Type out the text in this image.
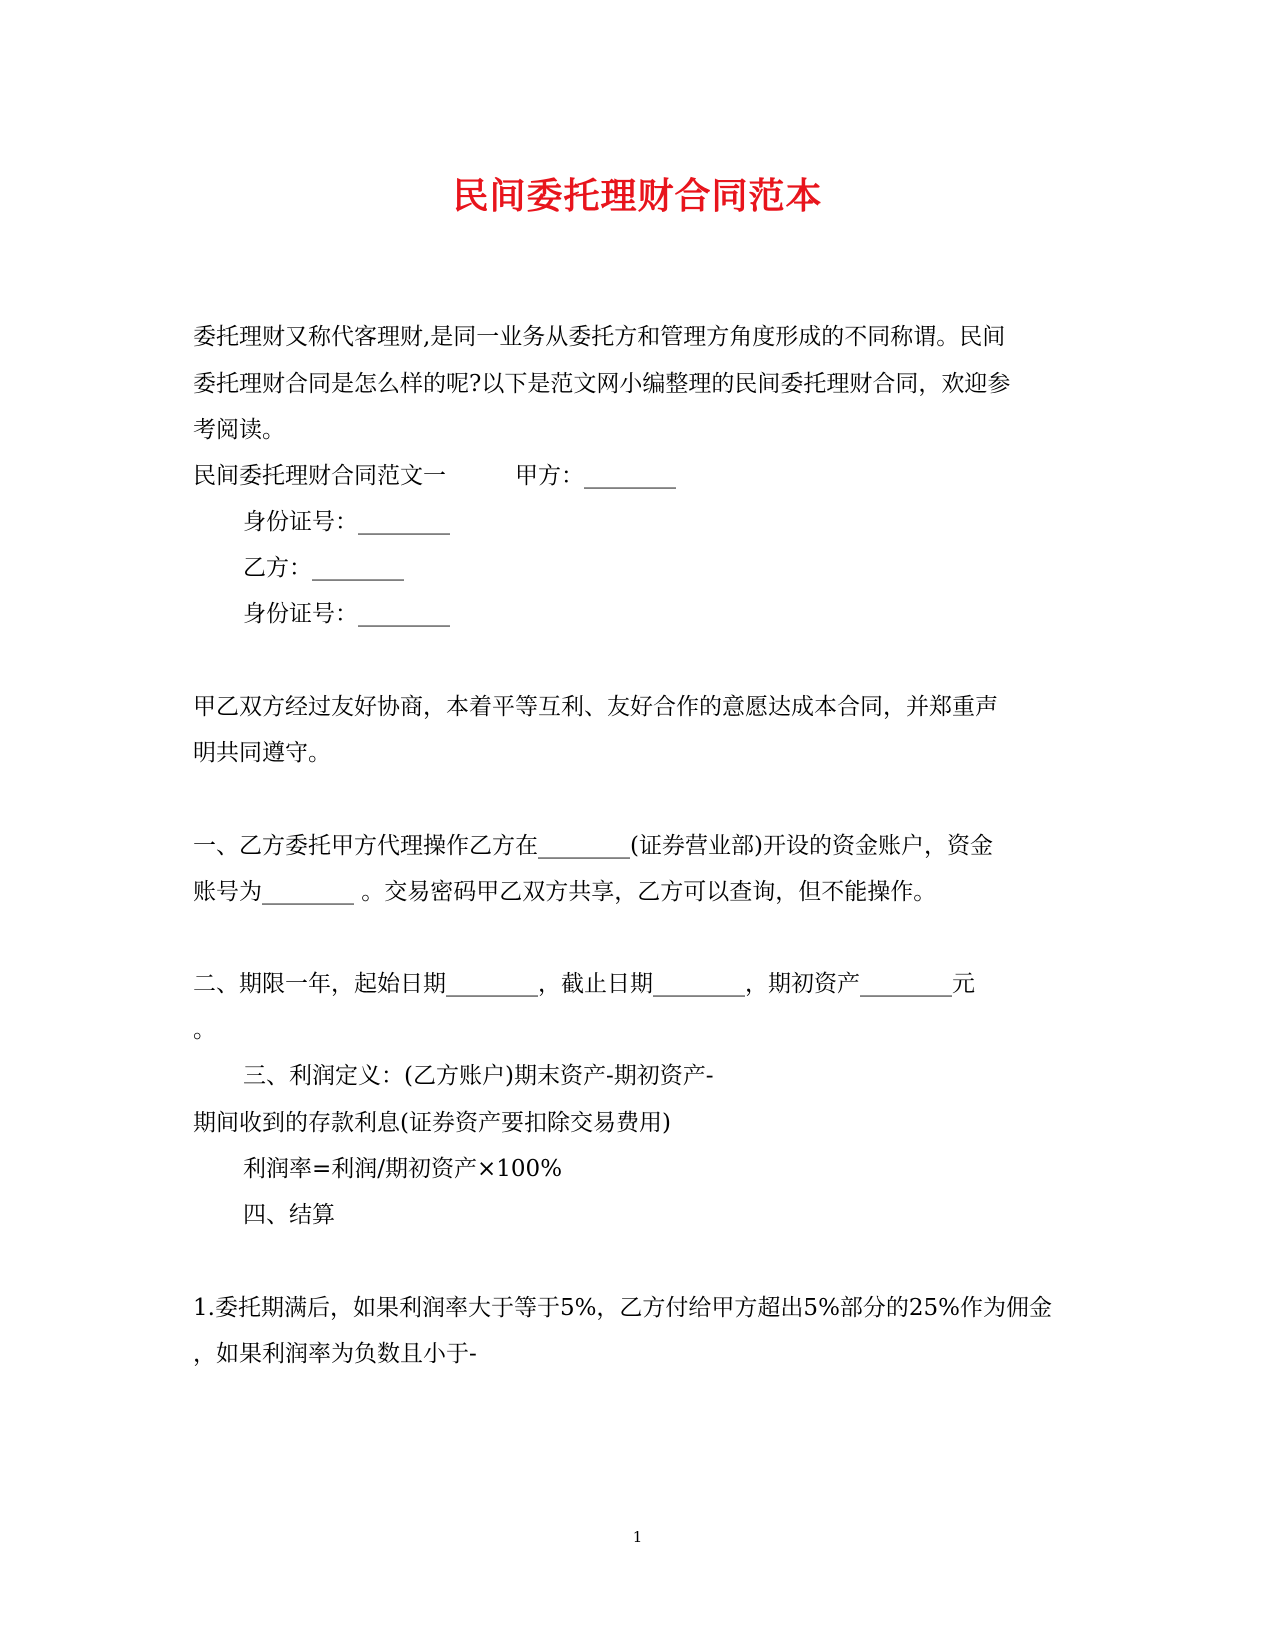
民间委托理财合同范本
委托理财又称代客理财,是同一业务从委托方和管理方角度形成的不同称谓。民间
委托理财合同是怎么样的呢?以下是范文网小编整理的民间委托理财合同，欢迎参
考阅读。
民间委托理财合同范文一　　　甲方：________
身份证号：________
乙方：________
身份证号：________
甲乙双方经过友好协商，本着平等互利、友好合作的意愿达成本合同，并郑重声
明共同遵守。
一、乙方委托甲方代理操作乙方在________(证券营业部)开设的资金账户，资金
账号为________ 。交易密码甲乙双方共享，乙方可以查询，但不能操作。
二、期限一年，起始日期________，截止日期________，期初资产________元
。
三、利润定义：(乙方账户)期末资产-期初资产-
期间收到的存款利息(证券资产要扣除交易费用)
利润率=利润/期初资产×100%
四、结算
1.委托期满后，如果利润率大于等于5%，乙方付给甲方超出5%部分的25%作为佣金
，如果利润率为负数且小于-
1
